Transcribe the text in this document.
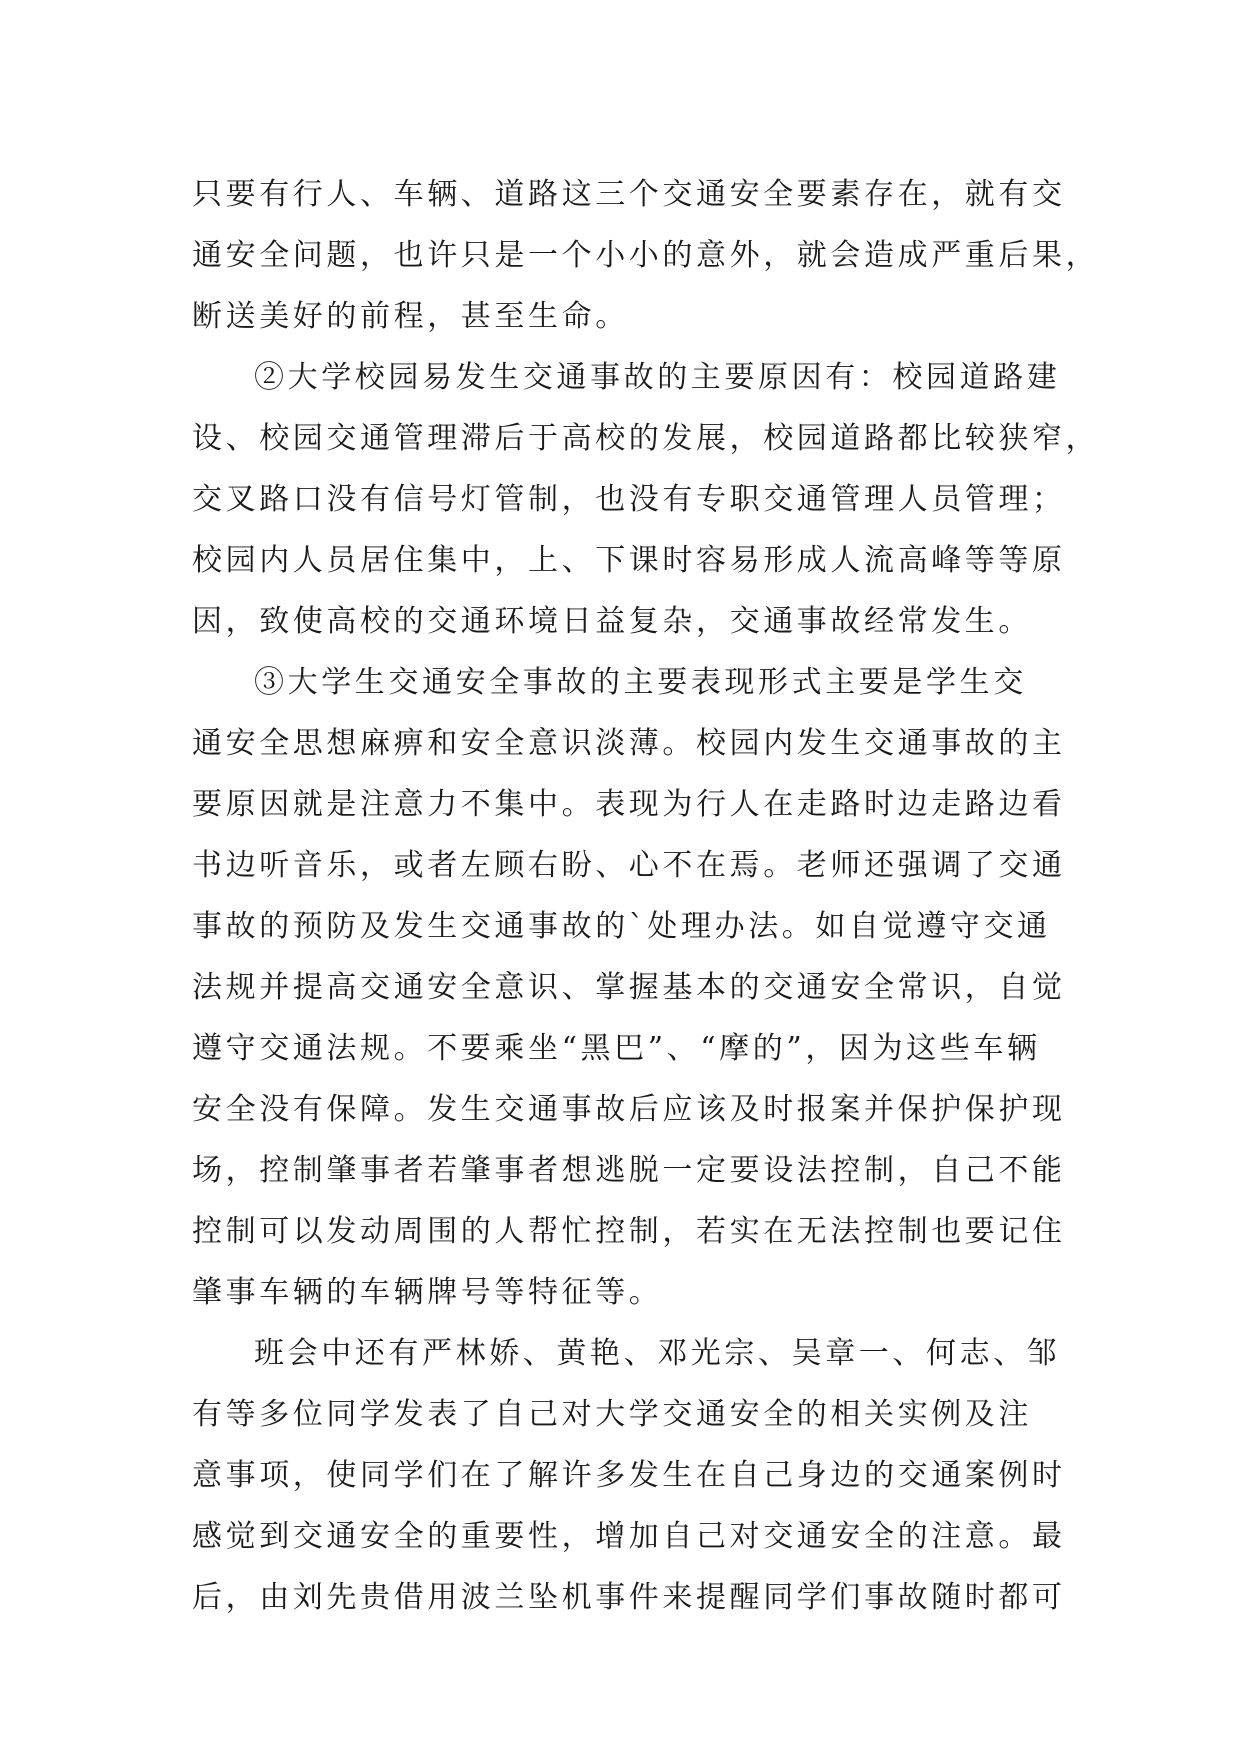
只要有行人、车辆、道路这三个交通安全要素存在，就有交
通安全问题，也许只是一个小小的意外，就会造成严重后果，
断送美好的前程，甚至生命。
②大学校园易发生交通事故的主要原因有：校园道路建
设、校园交通管理滞后于高校的发展，校园道路都比较狭窄，
交叉路口没有信号灯管制，也没有专职交通管理人员管理；
校园内人员居住集中，上、下课时容易形成人流高峰等等原
因，致使高校的交通环境日益复杂，交通事故经常发生。
③大学生交通安全事故的主要表现形式主要是学生交
通安全思想麻痹和安全意识淡薄。校园内发生交通事故的主
要原因就是注意力不集中。表现为行人在走路时边走路边看
书边听音乐，或者左顾右盼、心不在焉。老师还强调了交通
事故的预防及发生交通事故的`处理办法。如自觉遵守交通
法规并提高交通安全意识、掌握基本的交通安全常识，自觉
遵守交通法规。不要乘坐“黑巴”、“摩的”，因为这些车辆
安全没有保障。发生交通事故后应该及时报案并保护保护现
场，控制肇事者若肇事者想逃脱一定要设法控制，自己不能
控制可以发动周围的人帮忙控制，若实在无法控制也要记住
肇事车辆的车辆牌号等特征等。
班会中还有严林娇、黄艳、邓光宗、吴章一、何志、邹
有等多位同学发表了自己对大学交通安全的相关实例及注
意事项，使同学们在了解许多发生在自己身边的交通案例时
感觉到交通安全的重要性，增加自己对交通安全的注意。最
后，由刘先贵借用波兰坠机事件来提醒同学们事故随时都可
